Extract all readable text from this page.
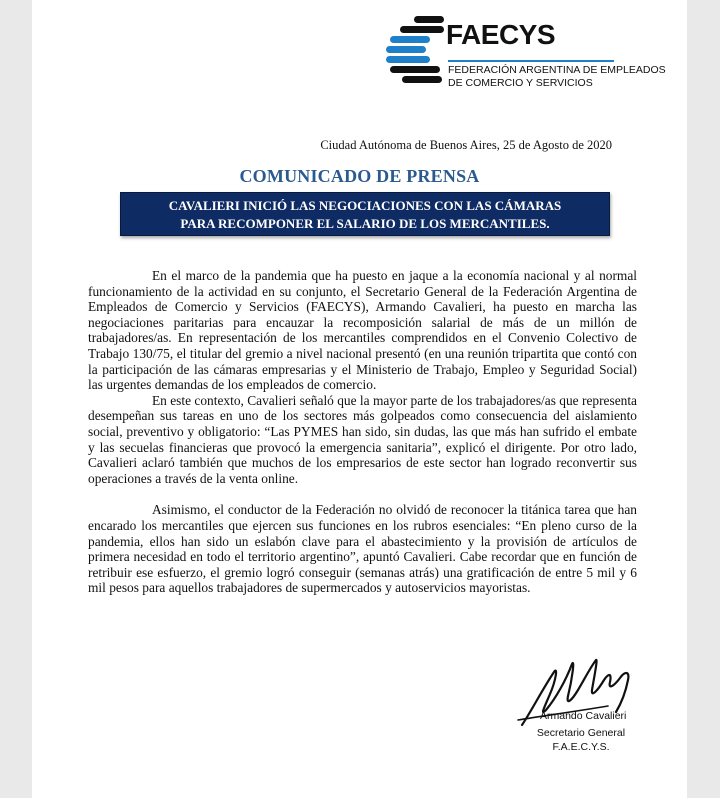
FAECYS
FEDERACIÓN ARGENTINA DE EMPLEADOS
DE COMERCIO Y SERVICIOS
Ciudad Autónoma de Buenos Aires, 25 de Agosto de 2020
COMUNICADO DE PRENSA
CAVALIERI INICIÓ LAS NEGOCIACIONES CON LAS CÁMARAS
PARA RECOMPONER EL SALARIO DE LOS MERCANTILES.

En el marco de la pandemia que ha puesto en jaque a la economía nacional y al normal funcionamiento de la actividad en su conjunto, el Secretario General de la Federación Argentina de Empleados de Comercio y Servicios (FAECYS), Armando Cavalieri, ha puesto en marcha las negociaciones paritarias para encauzar la recomposición salarial de más de un millón de trabajadores/as. En representación de los mercantiles comprendidos en el Convenio Colectivo de Trabajo 130/75, el titular del gremio a nivel nacional presentó (en una reunión tripartita que contó con la participación de las cámaras empresarias y el Ministerio de Trabajo, Empleo y Seguridad Social) las urgentes demandas de los empleados de comercio.

En este contexto, Cavalieri señaló que la mayor parte de los trabajadores/as que representa desempeñan sus tareas en uno de los sectores más golpeados como consecuencia del aislamiento social, preventivo y obligatorio: “Las PYMES han sido, sin dudas, las que más han sufrido el embate y las secuelas financieras que provocó la emergencia sanitaria”, explicó el dirigente. Por otro lado, Cavalieri aclaró también que muchos de los empresarios de este sector han logrado reconvertir sus operaciones a través de la venta online.

Asimismo, el conductor de la Federación no olvidó de reconocer la titánica tarea que han encarado los mercantiles que ejercen sus funciones en los rubros esenciales: “En pleno curso de la pandemia, ellos han sido un eslabón clave para el abastecimiento y la provisión de artículos de primera necesidad en todo el territorio argentino”, apuntó Cavalieri. Cabe recordar que en función de retribuir ese esfuerzo, el gremio logró conseguir (semanas atrás) una gratificación de entre 5 mil y 6 mil pesos para aquellos trabajadores de supermercados y autoservicios mayoristas.

Armando Cavalieri
Secretario General
F.A.E.C.Y.S.
